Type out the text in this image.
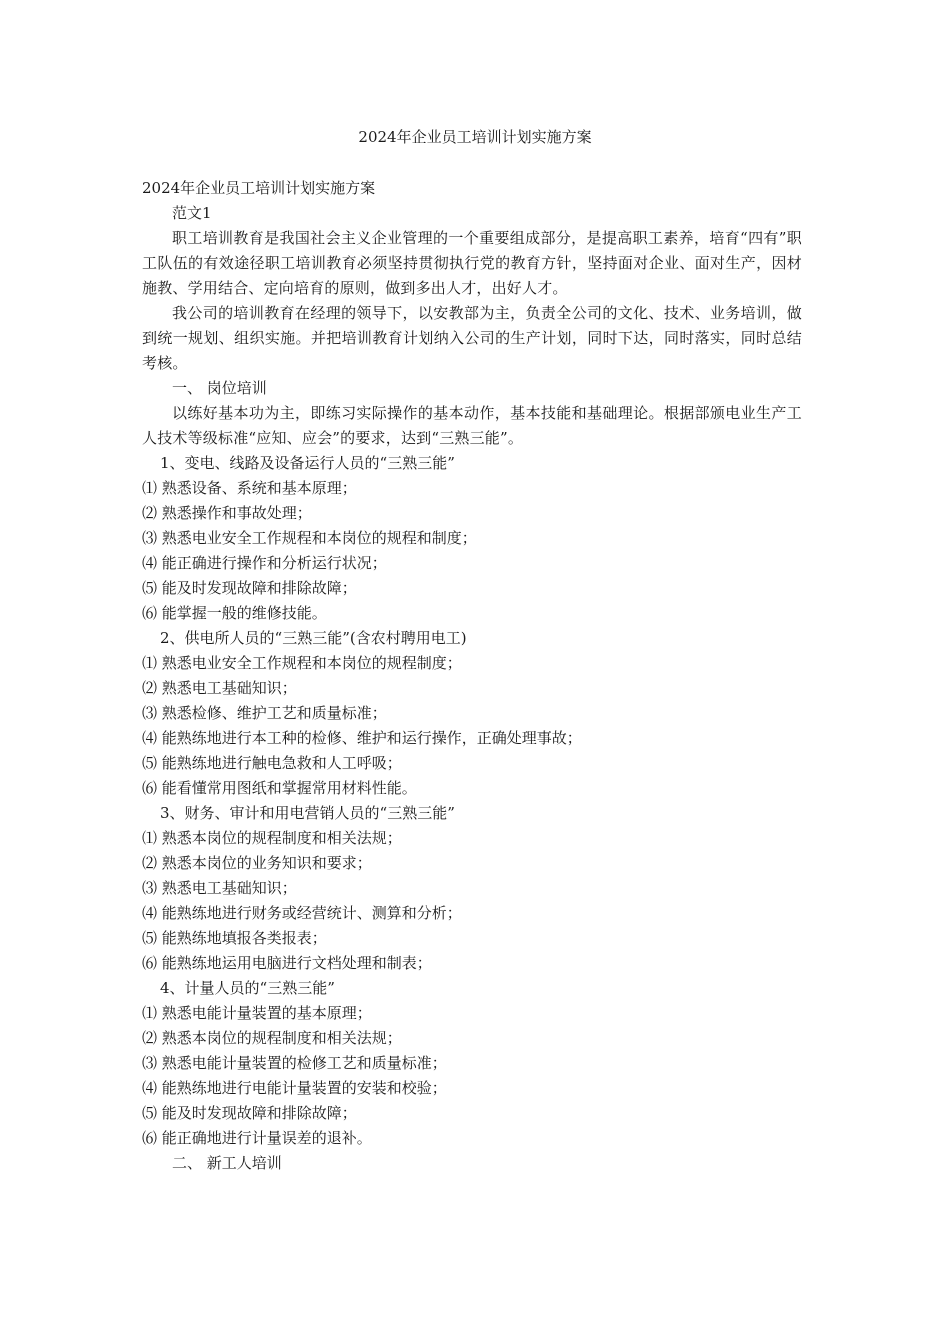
2024年企业员工培训计划实施方案
2024年企业员工培训计划实施方案
范文1
职工培训教育是我国社会主义企业管理的一个重要组成部分，是提高职工素养，培育“四有”职工队伍的有效途径职工培训教育必须坚持贯彻执行党的教育方针，坚持面对企业、面对生产，因材施教、学用结合、定向培育的原则，做到多出人才，出好人才。
我公司的培训教育在经理的领导下，以安教部为主，负责全公司的文化、技术、业务培训，做到统一规划、组织实施。并把培训教育计划纳入公司的生产计划，同时下达，同时落实，同时总结考核。
一、 岗位培训
以练好基本功为主，即练习实际操作的基本动作，基本技能和基础理论。根据部颁电业生产工人技术等级标准“应知、应会”的要求，达到“三熟三能”。
1、变电、线路及设备运行人员的“三熟三能”
⑴ 熟悉设备、系统和基本原理；
⑵ 熟悉操作和事故处理；
⑶ 熟悉电业安全工作规程和本岗位的规程和制度；
⑷ 能正确进行操作和分析运行状况；
⑸ 能及时发现故障和排除故障；
⑹ 能掌握一般的维修技能。
2、供电所人员的“三熟三能”(含农村聘用电工)
⑴ 熟悉电业安全工作规程和本岗位的规程制度；
⑵ 熟悉电工基础知识；
⑶ 熟悉检修、维护工艺和质量标准；
⑷ 能熟练地进行本工种的检修、维护和运行操作，正确处理事故；
⑸ 能熟练地进行触电急救和人工呼吸；
⑹ 能看懂常用图纸和掌握常用材料性能。
3、财务、审计和用电营销人员的“三熟三能”
⑴ 熟悉本岗位的规程制度和相关法规；
⑵ 熟悉本岗位的业务知识和要求；
⑶ 熟悉电工基础知识；
⑷ 能熟练地进行财务或经营统计、测算和分析；
⑸ 能熟练地填报各类报表；
⑹ 能熟练地运用电脑进行文档处理和制表；
4、计量人员的“三熟三能”
⑴ 熟悉电能计量装置的基本原理；
⑵ 熟悉本岗位的规程制度和相关法规；
⑶ 熟悉电能计量装置的检修工艺和质量标准；
⑷ 能熟练地进行电能计量装置的安装和校验；
⑸ 能及时发现故障和排除故障；
⑹ 能正确地进行计量误差的退补。
二、 新工人培训
